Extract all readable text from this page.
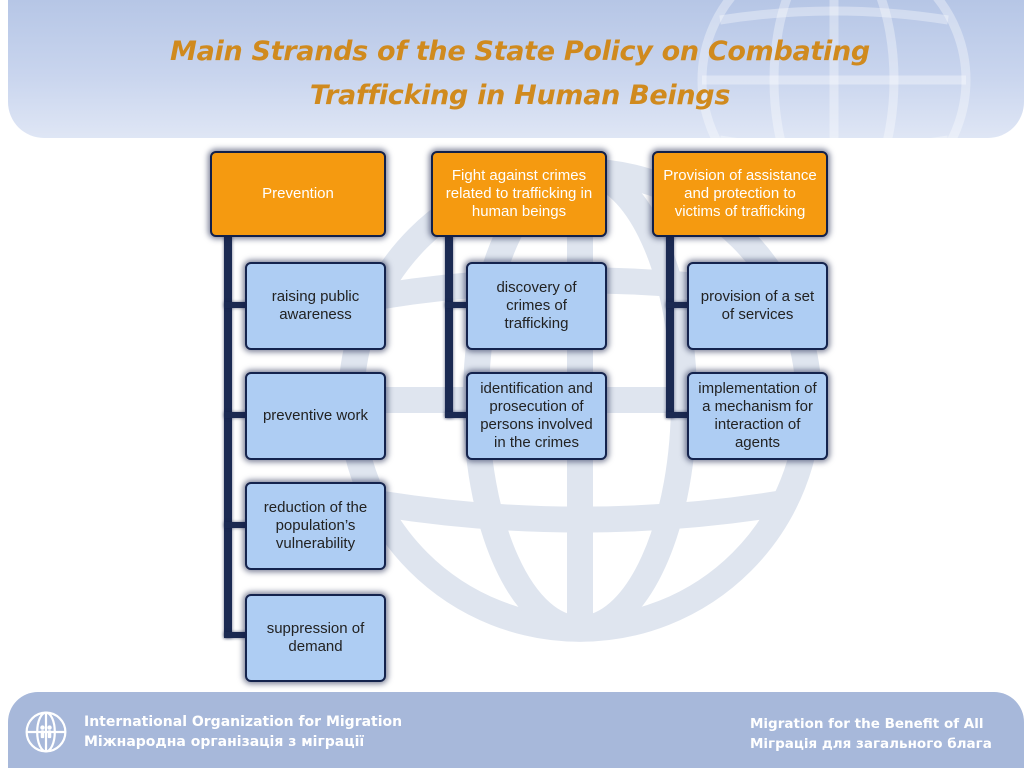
Main Strands of the State Policy on Combating
Trafficking in Human Beings
Prevention
raising public awareness
preventive work
reduction of the population’s vulnerability
suppression of demand
Fight against crimes related to trafficking in human beings
discovery of crimes of trafficking
identification and prosecution of persons involved in the crimes
Provision of assistance and protection to victims of trafficking
provision of a set of services
implementation of a mechanism for interaction of agents
International Organization for Migration
Міжнародна організація з міграції
Migration for the Benefit of All
Міграція для загального блага
